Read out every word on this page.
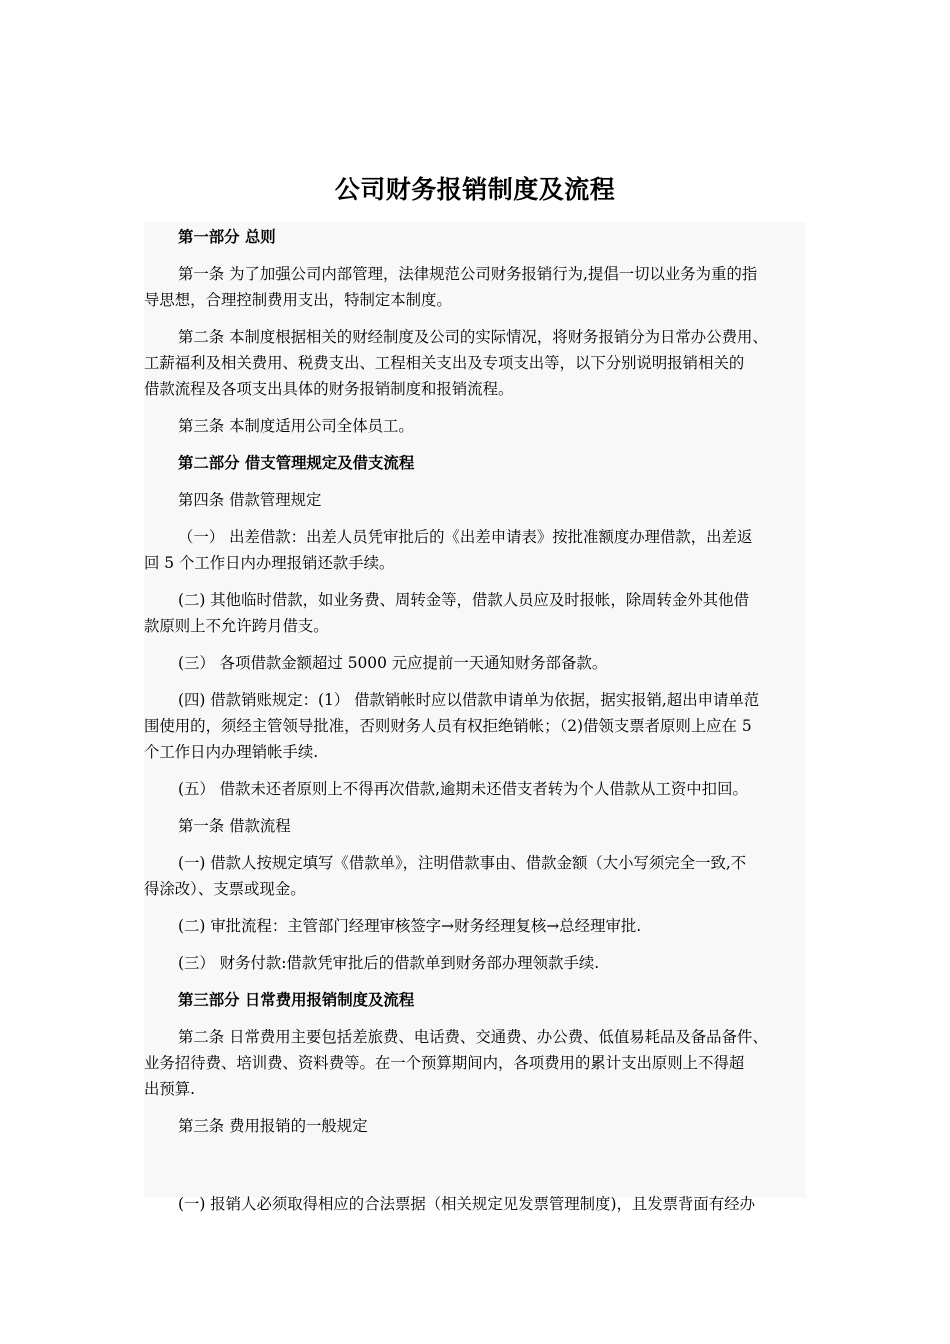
公司财务报销制度及流程

第一部分 总则

第一条 为了加强公司内部管理，法律规范公司财务报销行为,提倡一切以业务为重的指
导思想，合理控制费用支出，特制定本制度。

第二条 本制度根据相关的财经制度及公司的实际情况，将财务报销分为日常办公费用、
工薪福利及相关费用、税费支出、工程相关支出及专项支出等，以下分别说明报销相关的
借款流程及各项支出具体的财务报销制度和报销流程。

第三条 本制度适用公司全体员工。

第二部分 借支管理规定及借支流程

第四条 借款管理规定

（一） 出差借款：出差人员凭审批后的《出差申请表》按批准额度办理借款，出差返
回 5 个工作日内办理报销还款手续。

(二) 其他临时借款，如业务费、周转金等，借款人员应及时报帐，除周转金外其他借
款原则上不允许跨月借支。

(三） 各项借款金额超过 5000 元应提前一天通知财务部备款。

(四) 借款销账规定：(1） 借款销帐时应以借款申请单为依据，据实报销,超出申请单范
围使用的，须经主管领导批准，否则财务人员有权拒绝销帐；（2)借领支票者原则上应在 5
个工作日内办理销帐手续.

(五） 借款未还者原则上不得再次借款,逾期未还借支者转为个人借款从工资中扣回。

第一条 借款流程

(一) 借款人按规定填写《借款单》，注明借款事由、借款金额（大小写须完全一致,不
得涂改）、支票或现金。

(二) 审批流程：主管部门经理审核签字→财务经理复核→总经理审批.

(三） 财务付款:借款凭审批后的借款单到财务部办理领款手续.

第三部分 日常费用报销制度及流程

第二条 日常费用主要包括差旅费、电话费、交通费、办公费、低值易耗品及备品备件、
业务招待费、培训费、资料费等。在一个预算期间内，各项费用的累计支出原则上不得超
出预算.

第三条 费用报销的一般规定

(一) 报销人必须取得相应的合法票据（相关规定见发票管理制度)，且发票背面有经办
